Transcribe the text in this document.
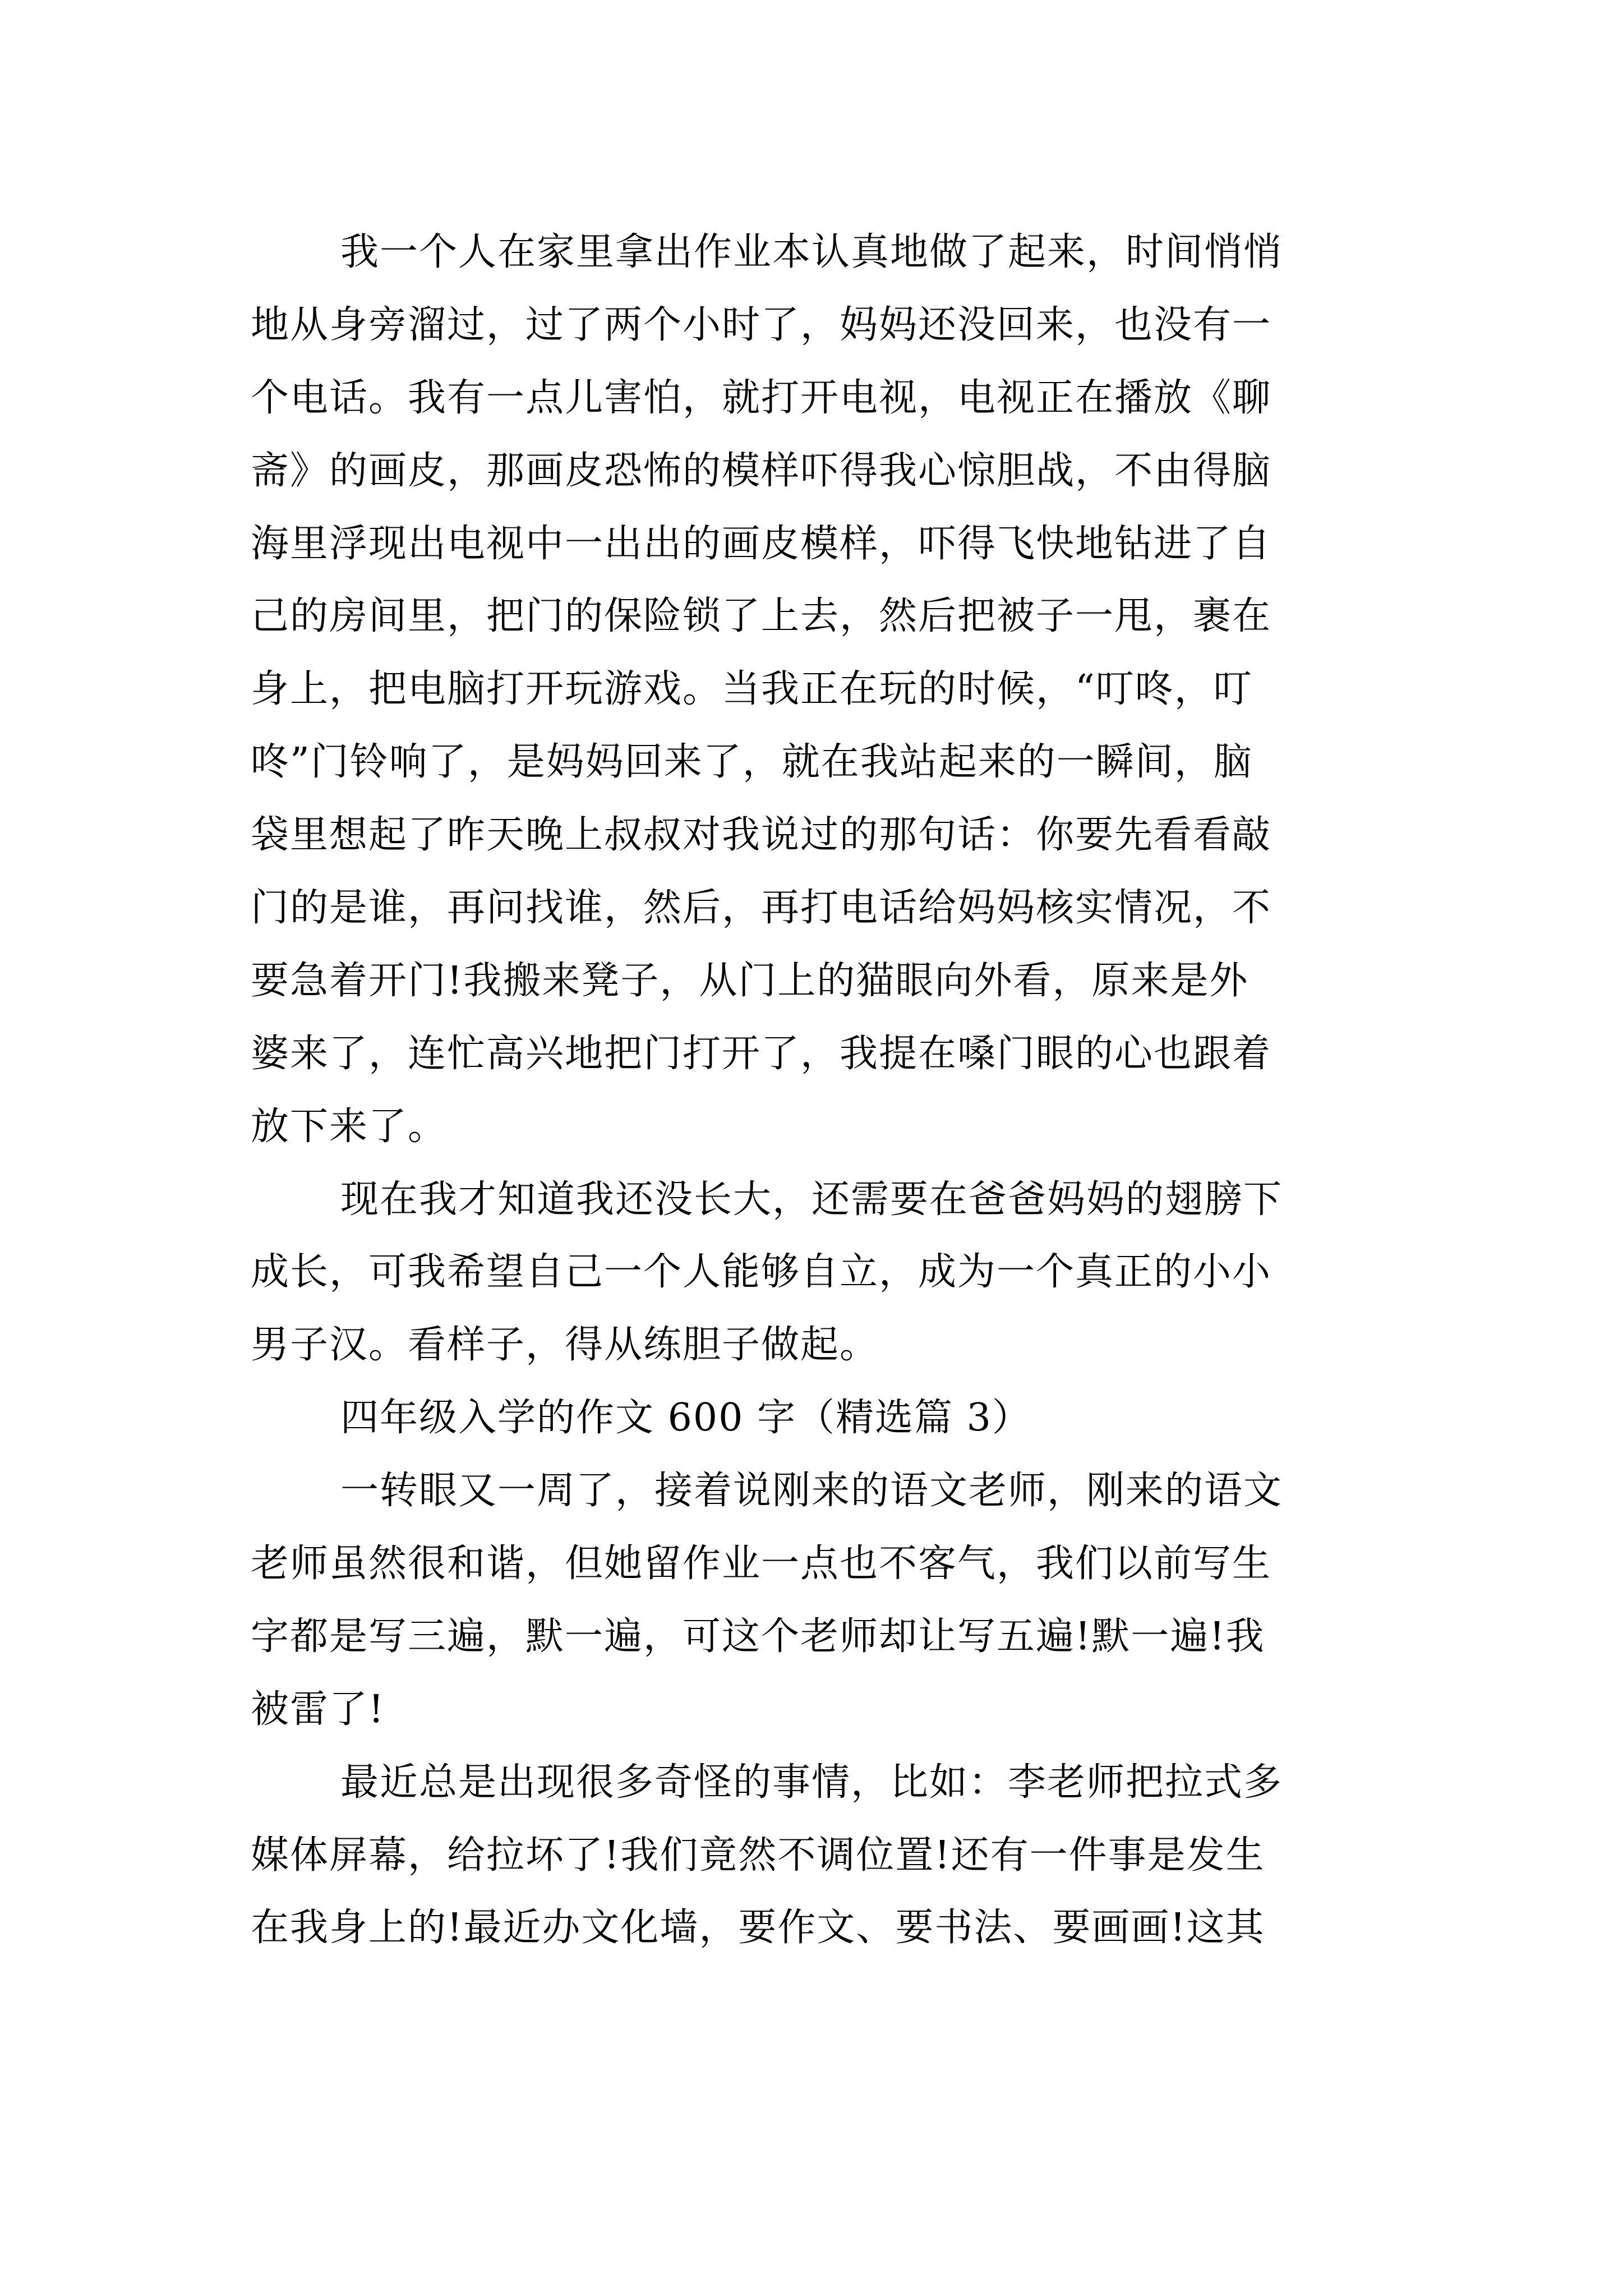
我一个人在家里拿出作业本认真地做了起来，时间悄悄
地从身旁溜过，过了两个小时了，妈妈还没回来，也没有一
个电话。我有一点儿害怕，就打开电视，电视正在播放《聊
斋》的画皮，那画皮恐怖的模样吓得我心惊胆战，不由得脑
海里浮现出电视中一出出的画皮模样，吓得飞快地钻进了自
己的房间里，把门的保险锁了上去，然后把被子一甩，裹在
身上，把电脑打开玩游戏。当我正在玩的时候，“叮咚，叮
咚”门铃响了，是妈妈回来了，就在我站起来的一瞬间，脑
袋里想起了昨天晚上叔叔对我说过的那句话：你要先看看敲
门的是谁，再问找谁，然后，再打电话给妈妈核实情况，不
要急着开门!我搬来凳子，从门上的猫眼向外看，原来是外
婆来了，连忙高兴地把门打开了，我提在嗓门眼的心也跟着
放下来了。
现在我才知道我还没长大，还需要在爸爸妈妈的翅膀下
成长，可我希望自己一个人能够自立，成为一个真正的小小
男子汉。看样子，得从练胆子做起。
四年级入学的作文 600 字（精选篇 3）
一转眼又一周了，接着说刚来的语文老师，刚来的语文
老师虽然很和谐，但她留作业一点也不客气，我们以前写生
字都是写三遍，默一遍，可这个老师却让写五遍!默一遍!我
被雷了!
最近总是出现很多奇怪的事情，比如：李老师把拉式多
媒体屏幕，给拉坏了!我们竟然不调位置!还有一件事是发生
在我身上的!最近办文化墙，要作文、要书法、要画画!这其
